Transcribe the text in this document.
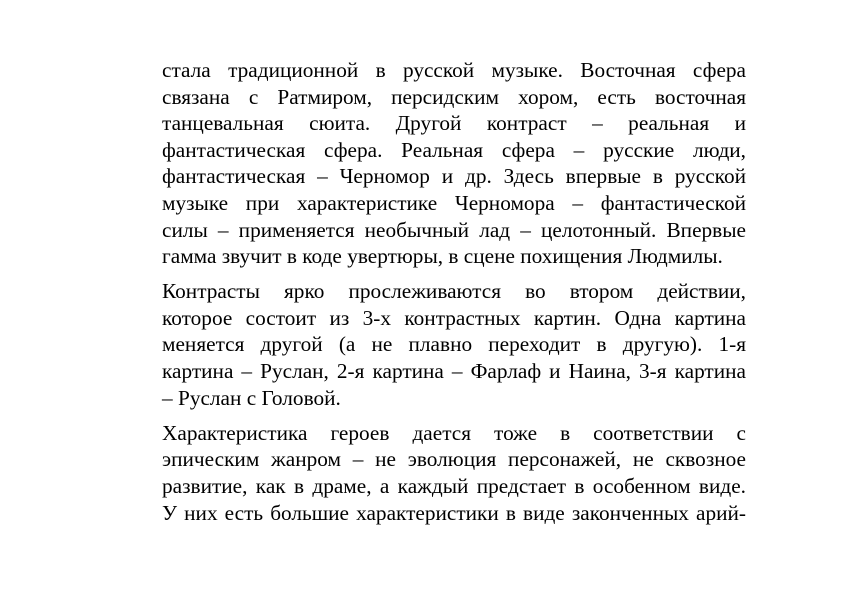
стала традиционной в русской музыке. Восточная сфера
связана с Ратмиром, персидским хором, есть восточная
танцевальная сюита. Другой контраст – реальная и
фантастическая сфера. Реальная сфера – русские люди,
фантастическая – Черномор и др. Здесь впервые в русской
музыке при характеристике Черномора – фантастической
силы – применяется необычный лад – целотонный. Впервые
гамма звучит в коде увертюры, в сцене похищения Людмилы.
Контрасты ярко прослеживаются во втором действии,
которое состоит из 3-х контрастных картин. Одна картина
меняется другой (а не плавно переходит в другую). 1-я
картина – Руслан, 2-я картина – Фарлаф и Наина, 3-я картина
– Руслан с Головой.
Характеристика героев дается тоже в соответствии с
эпическим жанром – не эволюция персонажей, не сквозное
развитие, как в драме, а каждый предстает в особенном виде.
У них есть большие характеристики в виде законченных арий-
